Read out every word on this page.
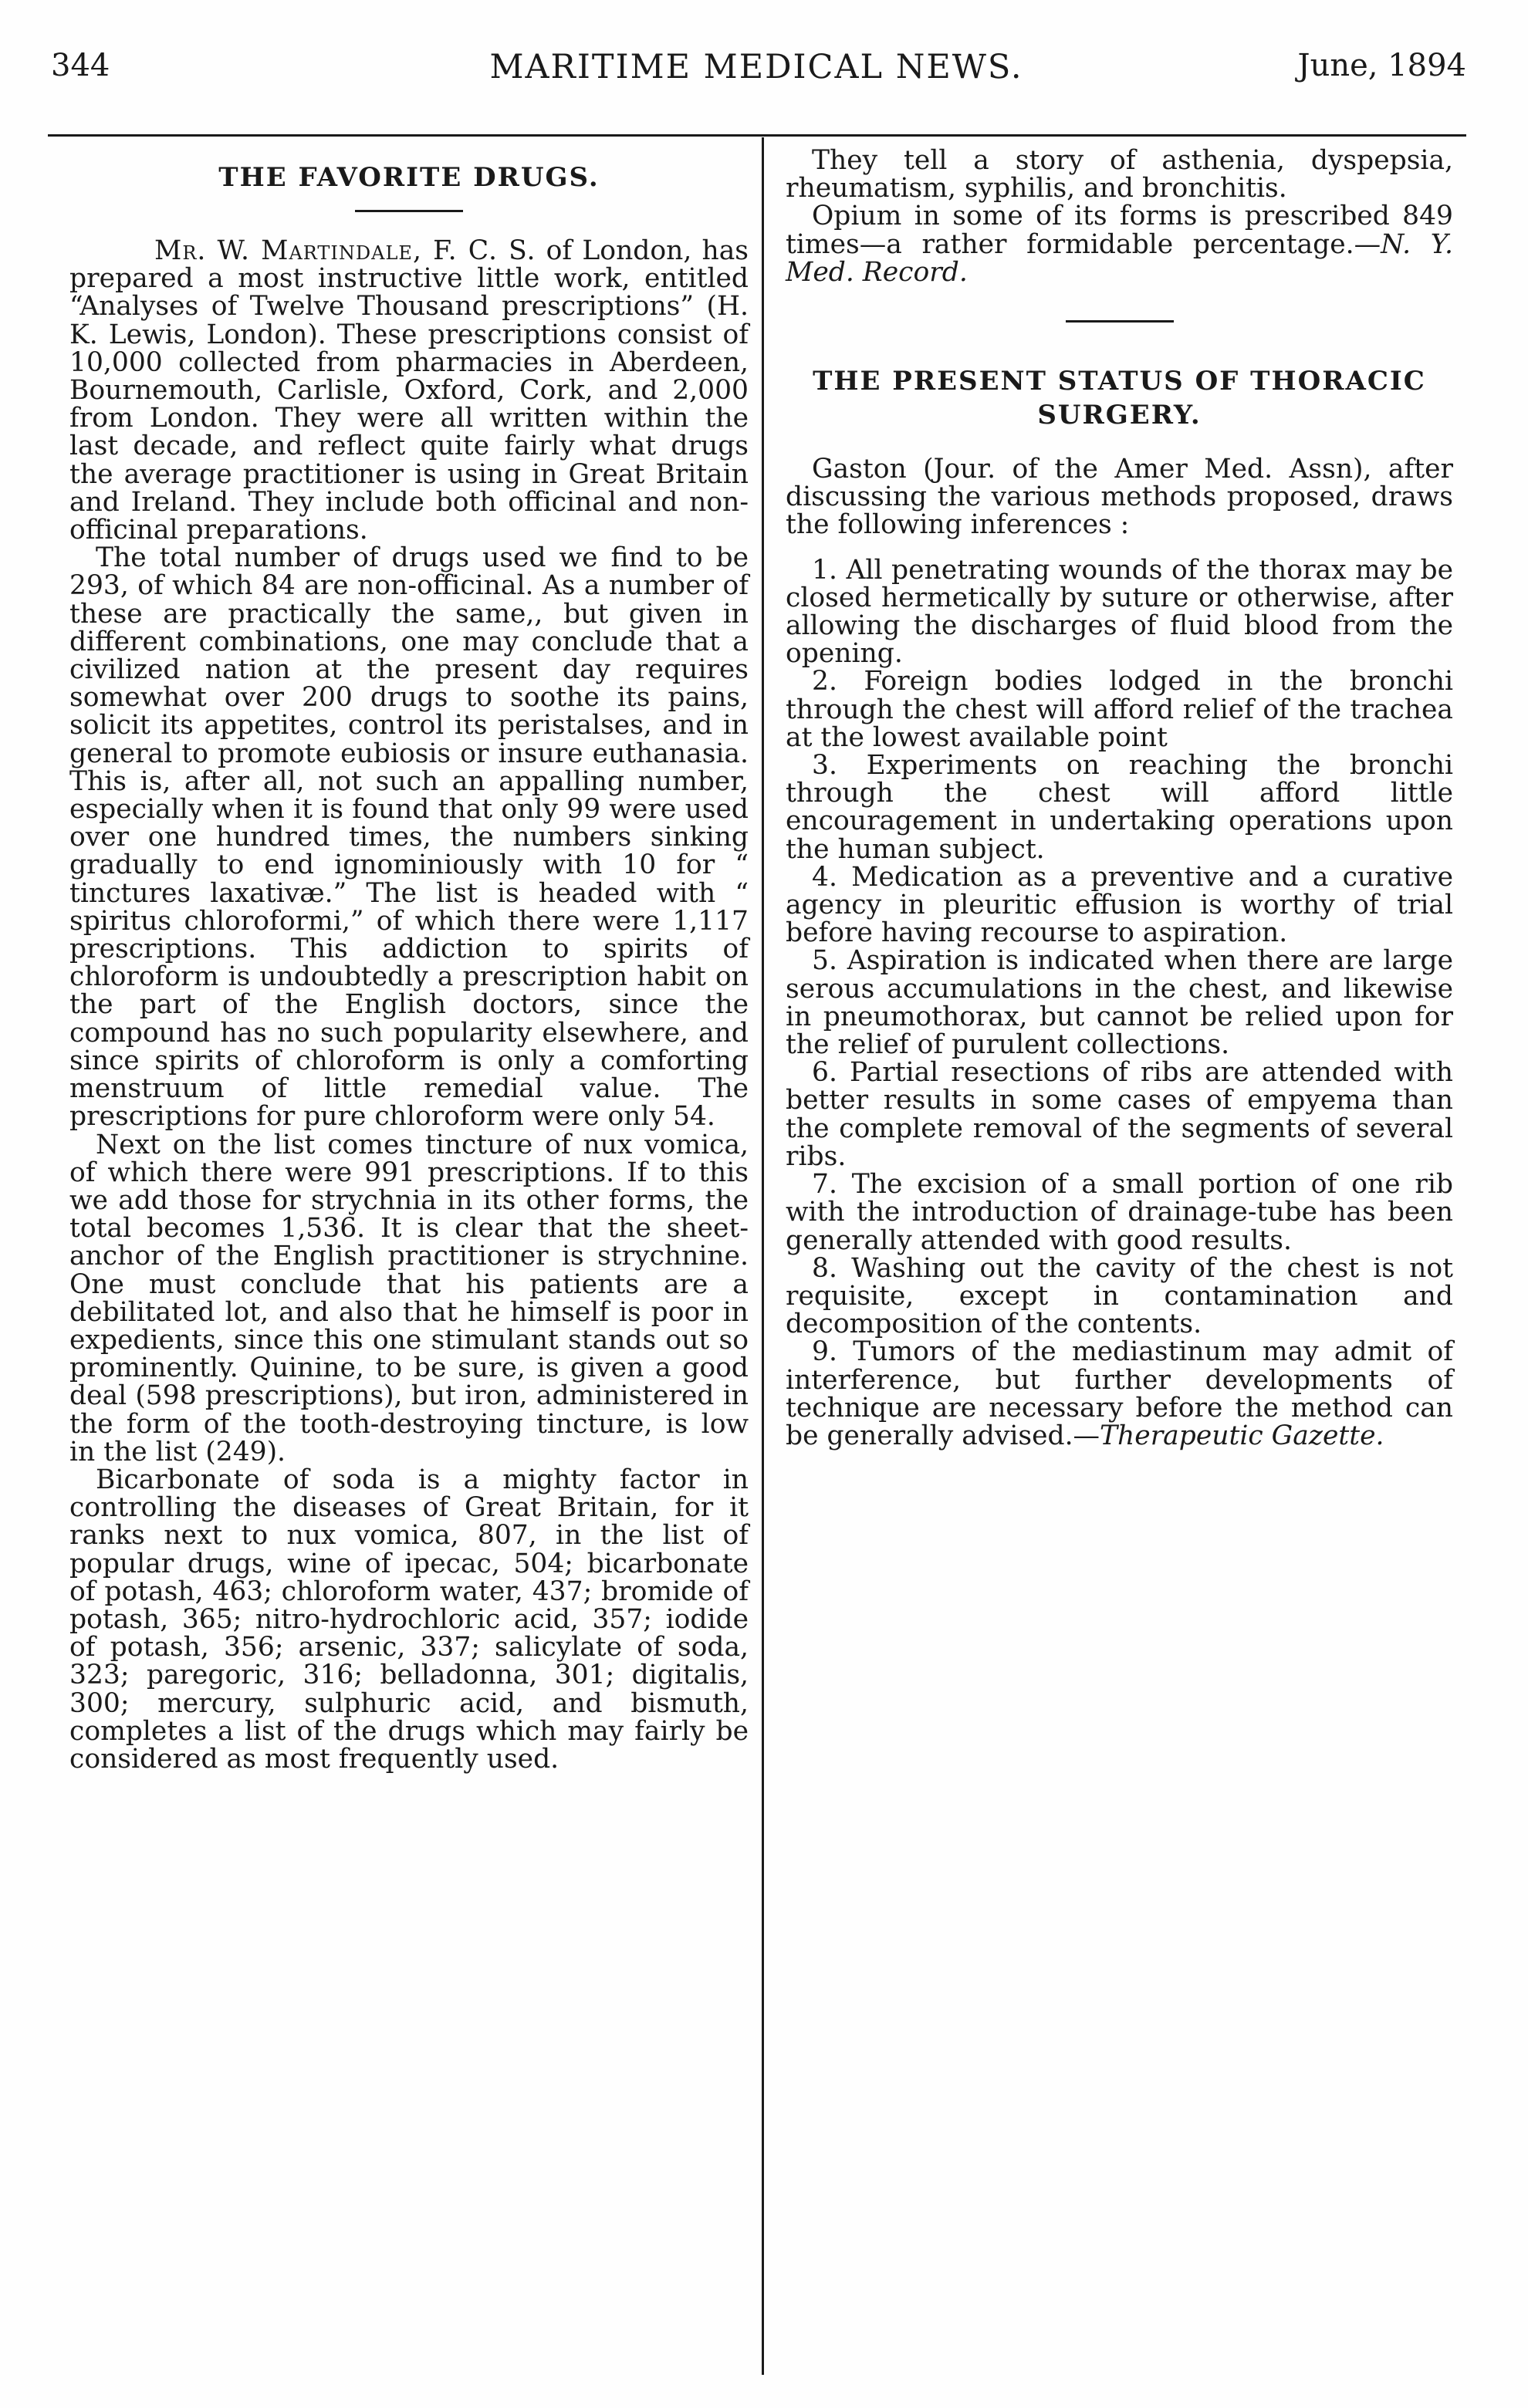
344	MARITIME MEDICAL NEWS.	June, 1894
THE FAVORITE DRUGS.

Mr. W. Martindale, F. C. S. of London, has prepared a most instructive little work, entitled “Analyses of Twelve Thousand prescriptions” (H. K. Lewis, London). These prescriptions consist of 10,000 collected from pharmacies in Aberdeen, Bournemouth, Carlisle, Oxford, Cork, and 2,000 from London. They were all written within the last decade, and reflect quite fairly what drugs the average practitioner is using in Great Britain and Ireland. They include both officinal and non-officinal preparations.

The total number of drugs used we find to be 293, of which 84 are non-officinal. As a number of these are practically the same,, but given in different combinations, one may conclude that a civilized nation at the present day requires somewhat over 200 drugs to soothe its pains, solicit its appetites, control its peristalses, and in general to promote eubiosis or insure euthanasia. This is, after all, not such an appalling number, especially when it is found that only 99 were used over one hundred times, the numbers sinking gradually to end ignominiously with 10 for “ tinctures laxativæ.” The list is headed with “ spiritus chloroformi,” of which there were 1,117 prescriptions. This addiction to spirits of chloroform is undoubtedly a prescription habit on the part of the English doctors, since the compound has no such popularity elsewhere, and since spirits of chloroform is only a comforting menstruum of little remedial value. The prescriptions for pure chloroform were only 54.

Next on the list comes tincture of nux vomica, of which there were 991 prescriptions. If to this we add those for strychnia in its other forms, the total becomes 1,536. It is clear that the sheet-anchor of the English practitioner is strychnine. One must conclude that his patients are a debilitated lot, and also that he himself is poor in expedients, since this one stimulant stands out so prominently. Quinine, to be sure, is given a good deal (598 prescriptions), but iron, administered in the form of the tooth-destroying tincture, is low in the list (249).

Bicarbonate of soda is a mighty factor in controlling the diseases of Great Britain, for it ranks next to nux vomica, 807, in the list of popular drugs, wine of ipecac, 504; bicarbonate of potash, 463; chloroform water, 437; bromide of potash, 365; nitro-hydrochloric acid, 357; iodide of potash, 356; arsenic, 337; salicylate of soda, 323; paregoric, 316; belladonna, 301; digitalis, 300; mercury, sulphuric acid, and bismuth, completes a list of the drugs which may fairly be considered as most frequently used.

They tell a story of asthenia, dyspepsia, rheumatism, syphilis, and bronchitis.

Opium in some of its forms is prescribed 849 times—a rather formidable percentage.—N. Y. Med. Record.

THE PRESENT STATUS OF THORACIC SURGERY.

Gaston (Jour. of the Amer Med. Assn), after discussing the various methods proposed, draws the following inferences :

1. All penetrating wounds of the thorax may be closed hermetically by suture or otherwise, after allowing the discharges of fluid blood from the opening.

2. Foreign bodies lodged in the bronchi through the chest will afford relief of the trachea at the lowest available point

3. Experiments on reaching the bronchi through the chest will afford little encouragement in undertaking operations upon the human subject.

4. Medication as a preventive and a curative agency in pleuritic effusion is worthy of trial before having recourse to aspiration.

5. Aspiration is indicated when there are large serous accumulations in the chest, and likewise in pneumothorax, but cannot be relied upon for the relief of purulent collections.

6. Partial resections of ribs are attended with better results in some cases of empyema than the complete removal of the segments of several ribs.

7. The excision of a small portion of one rib with the introduction of drainage-tube has been generally attended with good results.

8. Washing out the cavity of the chest is not requisite, except in contamination and decomposition of the contents.

9. Tumors of the mediastinum may admit of interference, but further developments of technique are necessary before the method can be generally advised.—Therapeutic Gazette.
